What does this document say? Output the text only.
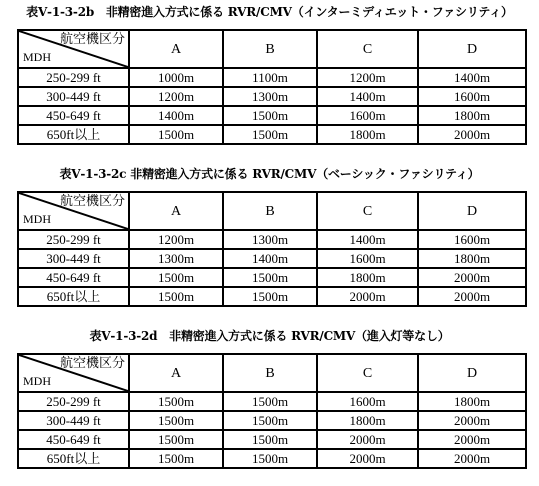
表Ⅴ-1-3-2b　非精密進入方式に係る RVR/CMV（インターミディエット・ファシリティ）
航空機区分
MDH	A	B	C	D
250-299 ft	1000m	1100m	1200m	1400m
300-449 ft	1200m	1300m	1400m	1600m
450-649 ft	1400m	1500m	1600m	1800m
650ft以上	1500m	1500m	1800m	2000m
表Ⅴ-1-3-2c 非精密進入方式に係る RVR/CMV（ベーシック・ファシリティ）
航空機区分
MDH	A	B	C	D
250-299 ft	1200m	1300m	1400m	1600m
300-449 ft	1300m	1400m	1600m	1800m
450-649 ft	1500m	1500m	1800m	2000m
650ft以上	1500m	1500m	2000m	2000m
表Ⅴ-1-3-2d　非精密進入方式に係る RVR/CMV（進入灯等なし）
航空機区分
MDH	A	B	C	D
250-299 ft	1500m	1500m	1600m	1800m
300-449 ft	1500m	1500m	1800m	2000m
450-649 ft	1500m	1500m	2000m	2000m
650ft以上	1500m	1500m	2000m	2000m
